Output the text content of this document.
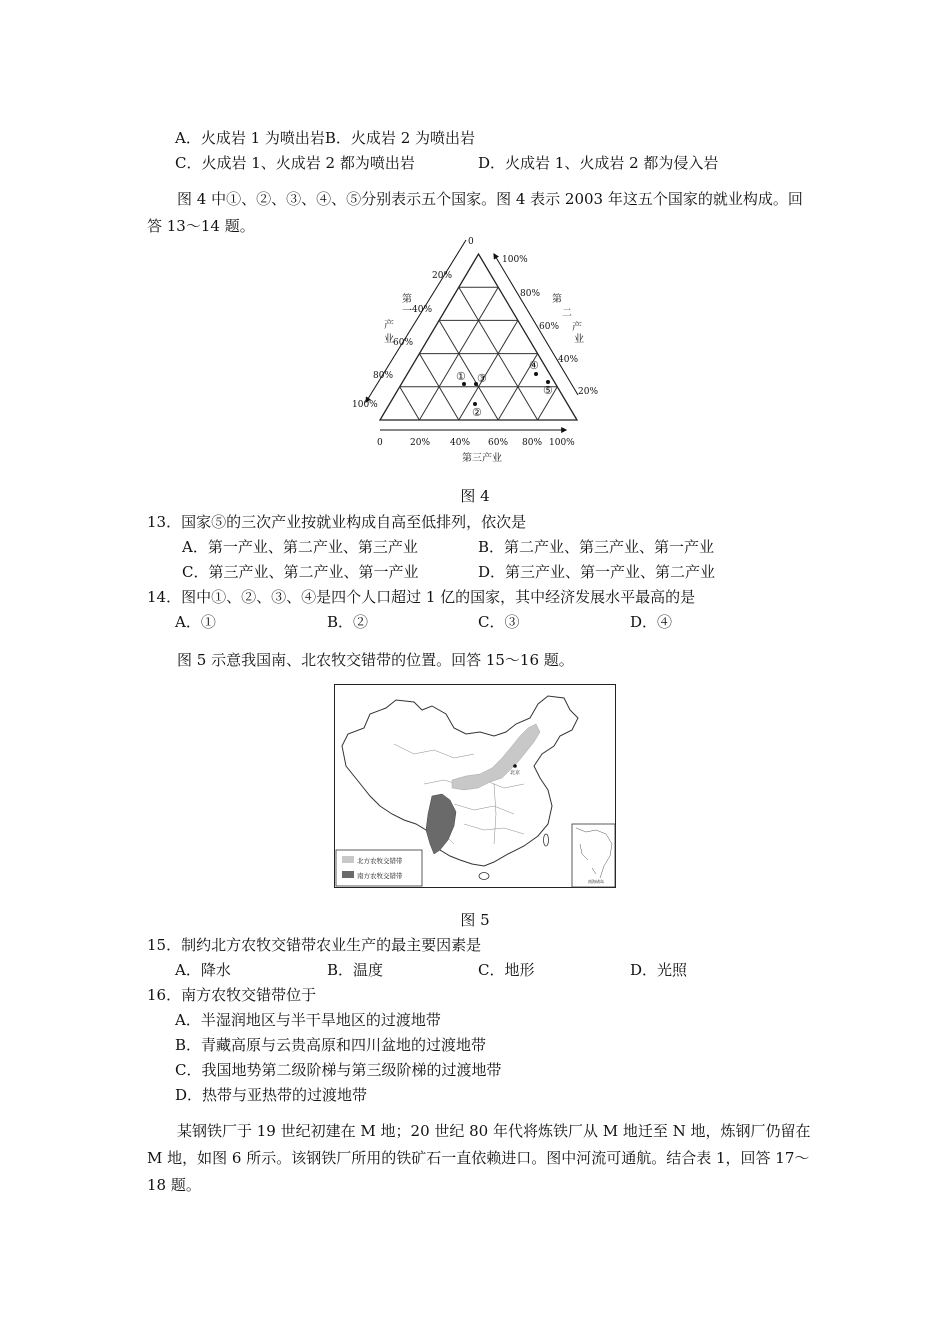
A．火成岩 1 为喷出岩B．火成岩 2 为喷出岩
C．火成岩 1、火成岩 2 都为喷出岩	D．火成岩 1、火成岩 2 都为侵入岩
图 4 中①、②、③、④、⑤分别表示五个国家。图 4 表示 2003 年这五个国家的就业构成。回答 13～14 题。
0
20%
40%
60%
80%
100%
100%
80%
60%
40%
20%
0	20% 40% 60% 80% 100%
第
一
产
业
第
二
产
业
第三产业
① ③
②
④
⑤
图 4
13．国家⑤的三次产业按就业构成自高至低排列，依次是
A．第一产业、第二产业、第三产业	B．第二产业、第三产业、第一产业
C．第三产业、第二产业、第一产业	D．第三产业、第一产业、第二产业
14．图中①、②、③、④是四个人口超过 1 亿的国家，其中经济发展水平最高的是
A．①	B．②	C．③	D．④
图 5 示意我国南、北农牧交错带的位置。回答 15～16 题。
北京
南海诸岛
北方农牧交错带
南方农牧交错带
图 5
15．制约北方农牧交错带农业生产的最主要因素是
A．降水	B．温度	C．地形	D．光照
16．南方农牧交错带位于
A．半湿润地区与半干旱地区的过渡地带
B．青藏高原与云贵高原和四川盆地的过渡地带
C．我国地势第二级阶梯与第三级阶梯的过渡地带
D．热带与亚热带的过渡地带
某钢铁厂于 19 世纪初建在 M 地；20 世纪 80 年代将炼铁厂从 M 地迁至 N 地，炼钢厂仍留在 M 地，如图 6 所示。该钢铁厂所用的铁矿石一直依赖进口。图中河流可通航。结合表 1，回答 17～18 题。
